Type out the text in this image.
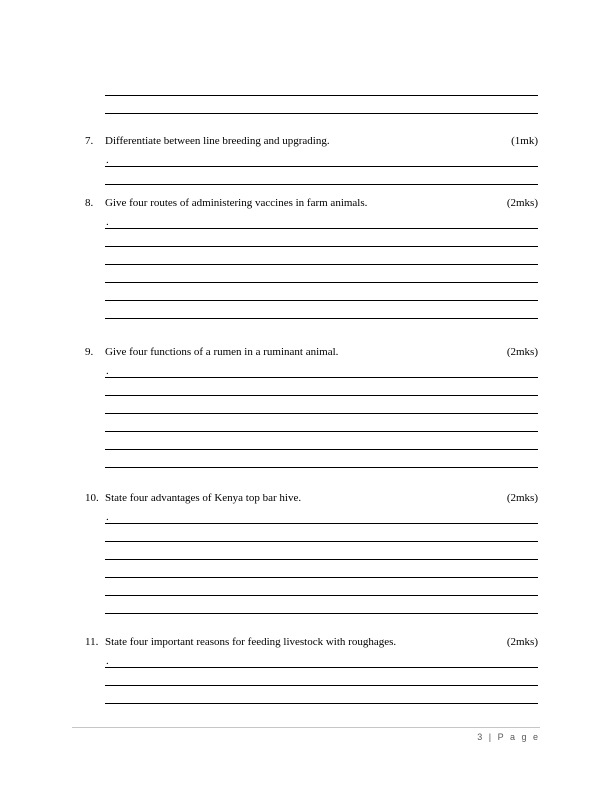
7.	Differentiate between line breeding and upgrading.	(1mk)
.
8.	Give four routes of administering vaccines in farm animals.	(2mks)
.
9.	Give four functions of a rumen in a ruminant animal.	(2mks)
.
10. State four advantages of Kenya top bar hive.	(2mks)
.
11. State four important reasons for feeding livestock with roughages.	(2mks)
.
3 | P a g e
